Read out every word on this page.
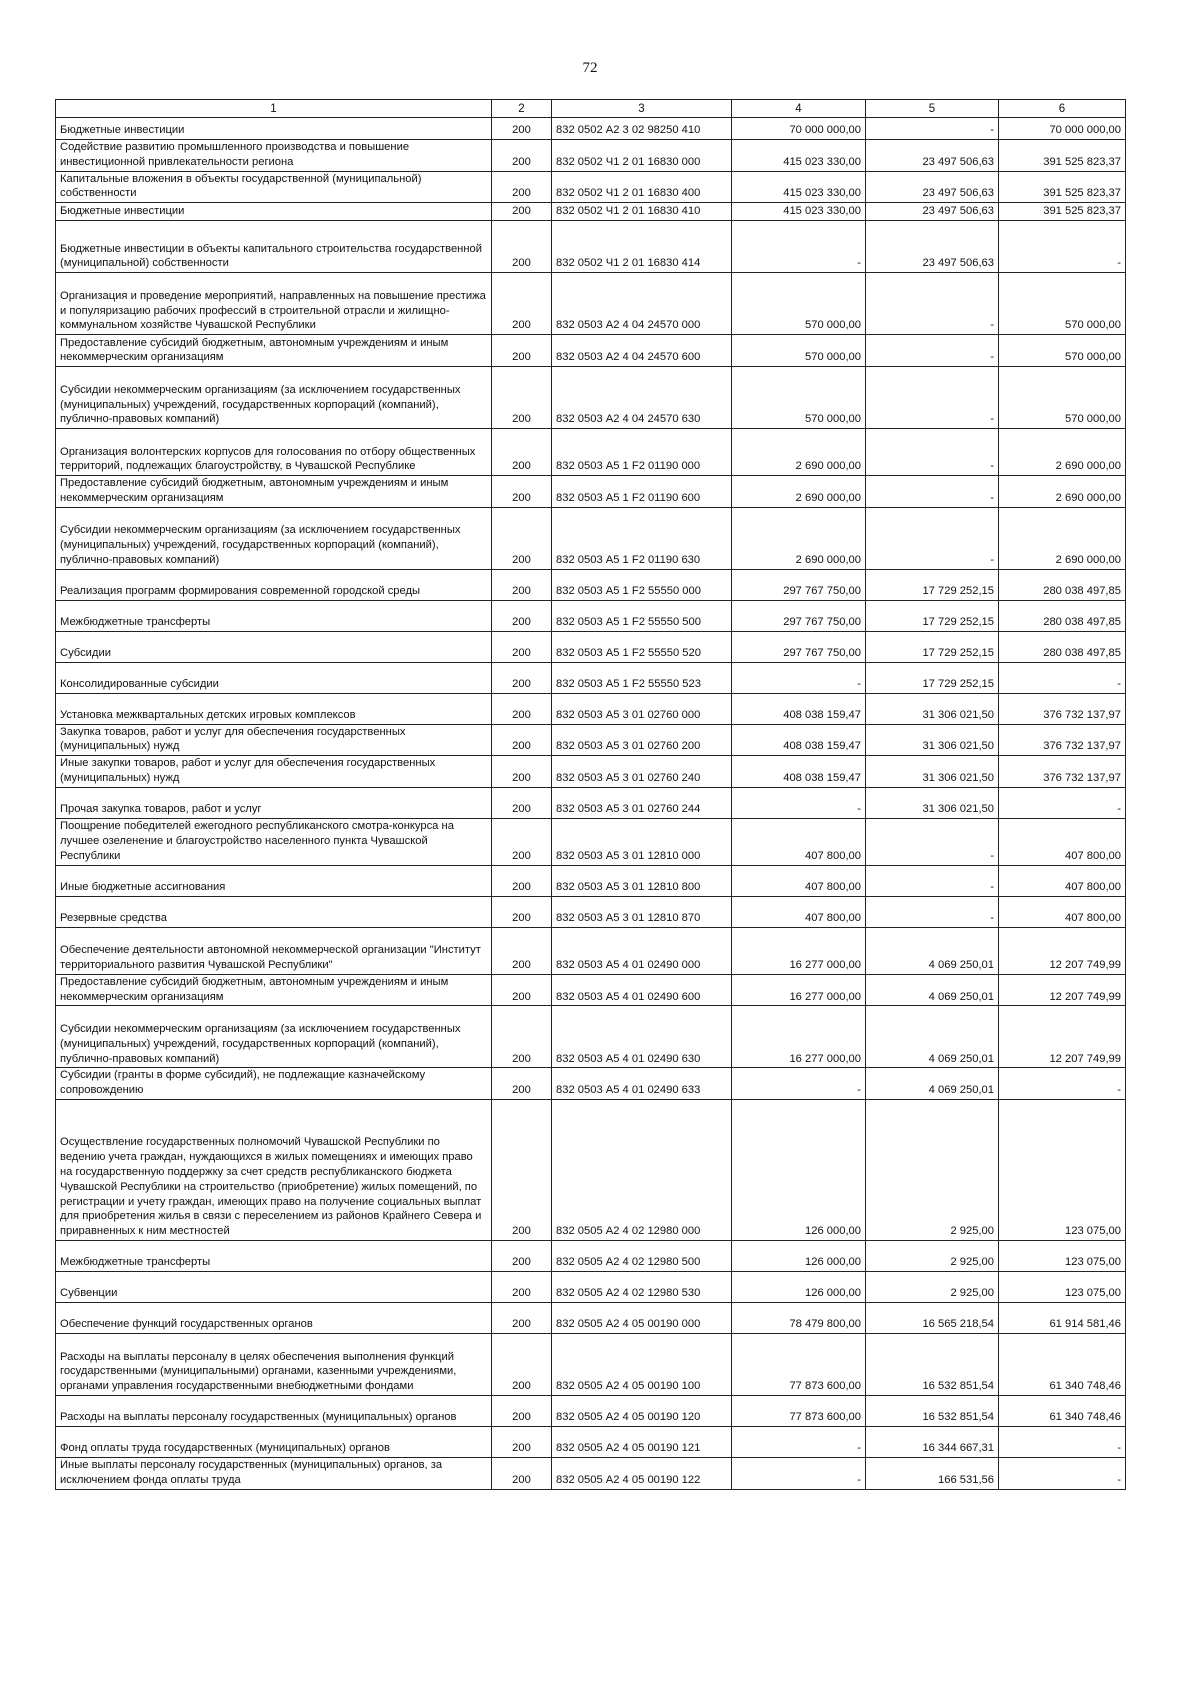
72
1	2	3	4	5	6
Бюджетные инвестиции	200	832 0502 А2 3 02 98250 410	70 000 000,00	-	70 000 000,00
Содействие развитию промышленного производства и повышение инвестиционной привлекательности региона	200	832 0502 Ч1 2 01 16830 000	415 023 330,00	23 497 506,63	391 525 823,37
Капитальные вложения в объекты государственной (муниципальной) собственности	200	832 0502 Ч1 2 01 16830 400	415 023 330,00	23 497 506,63	391 525 823,37
Бюджетные инвестиции	200	832 0502 Ч1 2 01 16830 410	415 023 330,00	23 497 506,63	391 525 823,37
Бюджетные инвестиции в объекты капитального строительства государственной (муниципальной) собственности	200	832 0502 Ч1 2 01 16830 414	-	23 497 506,63	-
Организация и проведение мероприятий, направленных на повышение престижа и популяризацию рабочих профессий в строительной отрасли и жилищно-коммунальном хозяйстве Чувашской Республики	200	832 0503 А2 4 04 24570 000	570 000,00	-	570 000,00
Предоставление субсидий бюджетным, автономным учреждениям и иным некоммерческим организациям	200	832 0503 А2 4 04 24570 600	570 000,00	-	570 000,00
Субсидии некоммерческим организациям (за исключением государственных (муниципальных) учреждений, государственных корпораций (компаний), публично-правовых компаний)	200	832 0503 А2 4 04 24570 630	570 000,00	-	570 000,00
Организация волонтерских корпусов для голосования по отбору общественных территорий, подлежащих благоустройству, в Чувашской Республике	200	832 0503 А5 1 F2 01190 000	2 690 000,00	-	2 690 000,00
Предоставление субсидий бюджетным, автономным учреждениям и иным некоммерческим организациям	200	832 0503 А5 1 F2 01190 600	2 690 000,00	-	2 690 000,00
Субсидии некоммерческим организациям (за исключением государственных (муниципальных) учреждений, государственных корпораций (компаний), публично-правовых компаний)	200	832 0503 А5 1 F2 01190 630	2 690 000,00	-	2 690 000,00
Реализация программ формирования современной городской среды	200	832 0503 А5 1 F2 55550 000	297 767 750,00	17 729 252,15	280 038 497,85
Межбюджетные трансферты	200	832 0503 А5 1 F2 55550 500	297 767 750,00	17 729 252,15	280 038 497,85
Субсидии	200	832 0503 А5 1 F2 55550 520	297 767 750,00	17 729 252,15	280 038 497,85
Консолидированные субсидии	200	832 0503 А5 1 F2 55550 523	-	17 729 252,15	-
Установка межквартальных детских игровых комплексов	200	832 0503 А5 3 01 02760 000	408 038 159,47	31 306 021,50	376 732 137,97
Закупка товаров, работ и услуг для обеспечения государственных (муниципальных) нужд	200	832 0503 А5 3 01 02760 200	408 038 159,47	31 306 021,50	376 732 137,97
Иные закупки товаров, работ и услуг для обеспечения государственных (муниципальных) нужд	200	832 0503 А5 3 01 02760 240	408 038 159,47	31 306 021,50	376 732 137,97
Прочая закупка товаров, работ и услуг	200	832 0503 А5 3 01 02760 244	-	31 306 021,50	-
Поощрение победителей ежегодного республиканского смотра-конкурса на лучшее озеленение и благоустройство населенного пункта Чувашской Республики	200	832 0503 А5 3 01 12810 000	407 800,00	-	407 800,00
Иные бюджетные ассигнования	200	832 0503 А5 3 01 12810 800	407 800,00	-	407 800,00
Резервные средства	200	832 0503 А5 3 01 12810 870	407 800,00	-	407 800,00
Обеспечение деятельности автономной некоммерческой организации "Институт территориального развития Чувашской Республики"	200	832 0503 А5 4 01 02490 000	16 277 000,00	4 069 250,01	12 207 749,99
Предоставление субсидий бюджетным, автономным учреждениям и иным некоммерческим организациям	200	832 0503 А5 4 01 02490 600	16 277 000,00	4 069 250,01	12 207 749,99
Субсидии некоммерческим организациям (за исключением государственных (муниципальных) учреждений, государственных корпораций (компаний), публично-правовых компаний)	200	832 0503 А5 4 01 02490 630	16 277 000,00	4 069 250,01	12 207 749,99
Субсидии (гранты в форме субсидий), не подлежащие казначейскому сопровождению	200	832 0503 А5 4 01 02490 633	-	4 069 250,01	-
Осуществление государственных полномочий Чувашской Республики по ведению учета граждан, нуждающихся в жилых помещениях и имеющих право на государственную поддержку за счет средств республиканского бюджета Чувашской Республики на строительство (приобретение) жилых помещений, по регистрации и учету граждан, имеющих право на получение социальных выплат для приобретения жилья в связи с переселением из районов Крайнего Севера и приравненных к ним местностей	200	832 0505 А2 4 02 12980 000	126 000,00	2 925,00	123 075,00
Межбюджетные трансферты	200	832 0505 А2 4 02 12980 500	126 000,00	2 925,00	123 075,00
Субвенции	200	832 0505 А2 4 02 12980 530	126 000,00	2 925,00	123 075,00
Обеспечение функций государственных органов	200	832 0505 А2 4 05 00190 000	78 479 800,00	16 565 218,54	61 914 581,46
Расходы на выплаты персоналу в целях обеспечения выполнения функций государственными (муниципальными) органами, казенными учреждениями, органами управления государственными внебюджетными фондами	200	832 0505 А2 4 05 00190 100	77 873 600,00	16 532 851,54	61 340 748,46
Расходы на выплаты персоналу государственных (муниципальных) органов	200	832 0505 А2 4 05 00190 120	77 873 600,00	16 532 851,54	61 340 748,46
Фонд оплаты труда государственных (муниципальных) органов	200	832 0505 А2 4 05 00190 121	-	16 344 667,31	-
Иные выплаты персоналу государственных (муниципальных) органов, за исключением фонда оплаты труда	200	832 0505 А2 4 05 00190 122	-	166 531,56	-
